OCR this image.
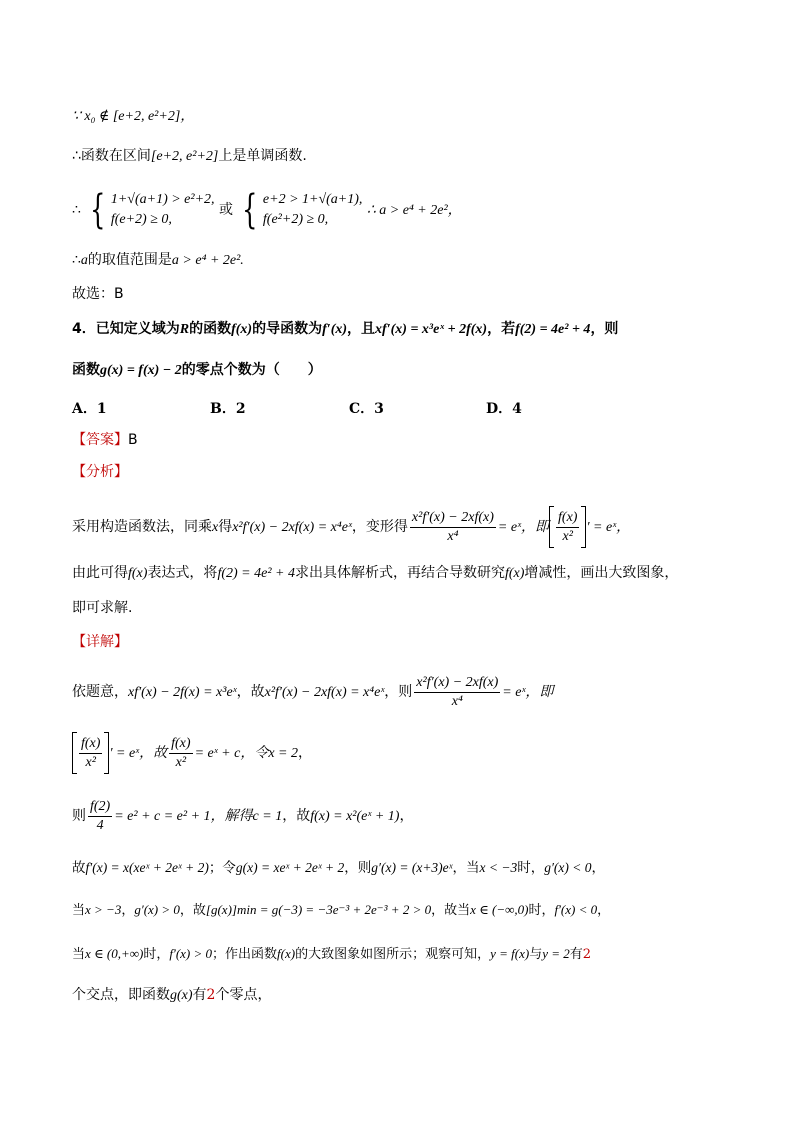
∵ x₀ ∉ [e+2, e²+2]，
∴函数在区间[e+2, e²+2]上是单调函数.
∴ { 1+√(a+1) > e²+2,
f(e+2) ≥ 0,
或 { e+2 > 1+√(a+1),
f(e²+2) ≥ 0,
∴ a > e⁴ + 2e²，
∴a的取值范围是a > e⁴ + 2e².
故选：B
4．已知定义域为R的函数f(x)的导函数为f′(x)，且xf′(x) = x³eˣ + 2f(x)，若f(2) = 4e² + 4，则
函数g(x) = f(x) − 2的零点个数为（　　）
A．1	B．2	C．3	D．4
【答案】B
【分析】
采用构造函数法，同乘x得x²f′(x) − 2xf(x) = x⁴eˣ，变形得 $\frac{\text{x²f′(x) − 2xf(x)}}{\text{x⁴}}$ = eˣ，即 $\frac{f(x)}{\text{x²}}$ ′ = eˣ，
由此可得f(x)表达式，将f(2) = 4e² + 4求出具体解析式，再结合导数研究f(x)增减性，画出大致图象，
即可求解.
【详解】
依题意，xf′(x) − 2f(x) = x³eˣ，故x²f′(x) − 2xf(x) = x⁴eˣ，则 $\frac{\text{x²f′(x) − 2xf(x)}}{\text{x⁴}}$ = eˣ，即
$\frac{f(x)}{\text{x²}}$ ′ = eˣ，故 $\frac{f(x)}{\text{x²}}$ = eˣ + c，令x = 2，
则 $\frac{f(2)}{4} = e^2 + c = e^2 + 1$，解得c = 1，故f(x) = x²(eˣ + 1)，
故f′(x) = x(xeˣ + 2eˣ + 2)；令g(x) = xeˣ + 2eˣ + 2，则g′(x) = (x+3)eˣ，当x < −3时，g′(x) < 0，
当x > −3，g′(x) > 0，故[g(x)]min = g(−3) = −3e⁻³ + 2e⁻³ + 2 > 0，故当x ∈ (−∞,0)时，f′(x) < 0，
当x ∈ (0,+∞)时，f′(x) > 0；作出函数f(x)的大致图象如图所示；观察可知，y = f(x)与y = 2有2
个交点，即函数g(x)有2个零点，
